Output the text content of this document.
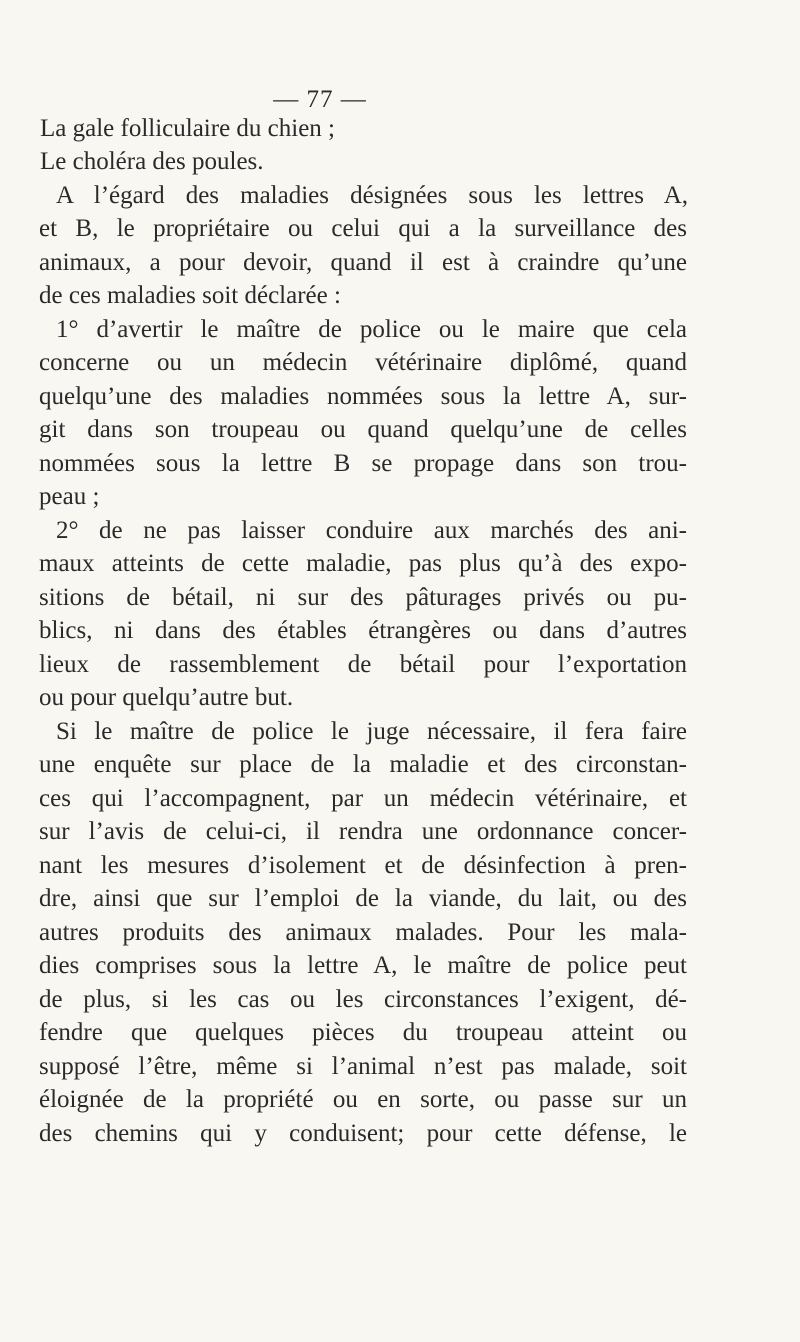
— 77 —
La gale folliculaire du chien ;
Le choléra des poules.
A l’égard des maladies désignées sous les lettres A,
et B, le propriétaire ou celui qui a la surveillance des
animaux, a pour devoir, quand il est à craindre qu’une
de ces maladies soit déclarée :
1° d’avertir le maître de police ou le maire que cela
concerne ou un médecin vétérinaire diplômé, quand
quelqu’une des maladies nommées sous la lettre A, sur-
git dans son troupeau ou quand quelqu’une de celles
nommées sous la lettre B se propage dans son trou-
peau ;
2° de ne pas laisser conduire aux marchés des ani-
maux atteints de cette maladie, pas plus qu’à des expo-
sitions de bétail, ni sur des pâturages privés ou pu-
blics, ni dans des étables étrangères ou dans d’autres
lieux de rassemblement de bétail pour l’exportation
ou pour quelqu’autre but.
Si le maître de police le juge nécessaire, il fera faire
une enquête sur place de la maladie et des circonstan-
ces qui l’accompagnent, par un médecin vétérinaire, et
sur l’avis de celui-ci, il rendra une ordonnance concer-
nant les mesures d’isolement et de désinfection à pren-
dre, ainsi que sur l’emploi de la viande, du lait, ou des
autres produits des animaux malades. Pour les mala-
dies comprises sous la lettre A, le maître de police peut
de plus, si les cas ou les circonstances l’exigent, dé-
fendre que quelques pièces du troupeau atteint ou
supposé l’être, même si l’animal n’est pas malade, soit
éloignée de la propriété ou en sorte, ou passe sur un
des chemins qui y conduisent; pour cette défense, le
